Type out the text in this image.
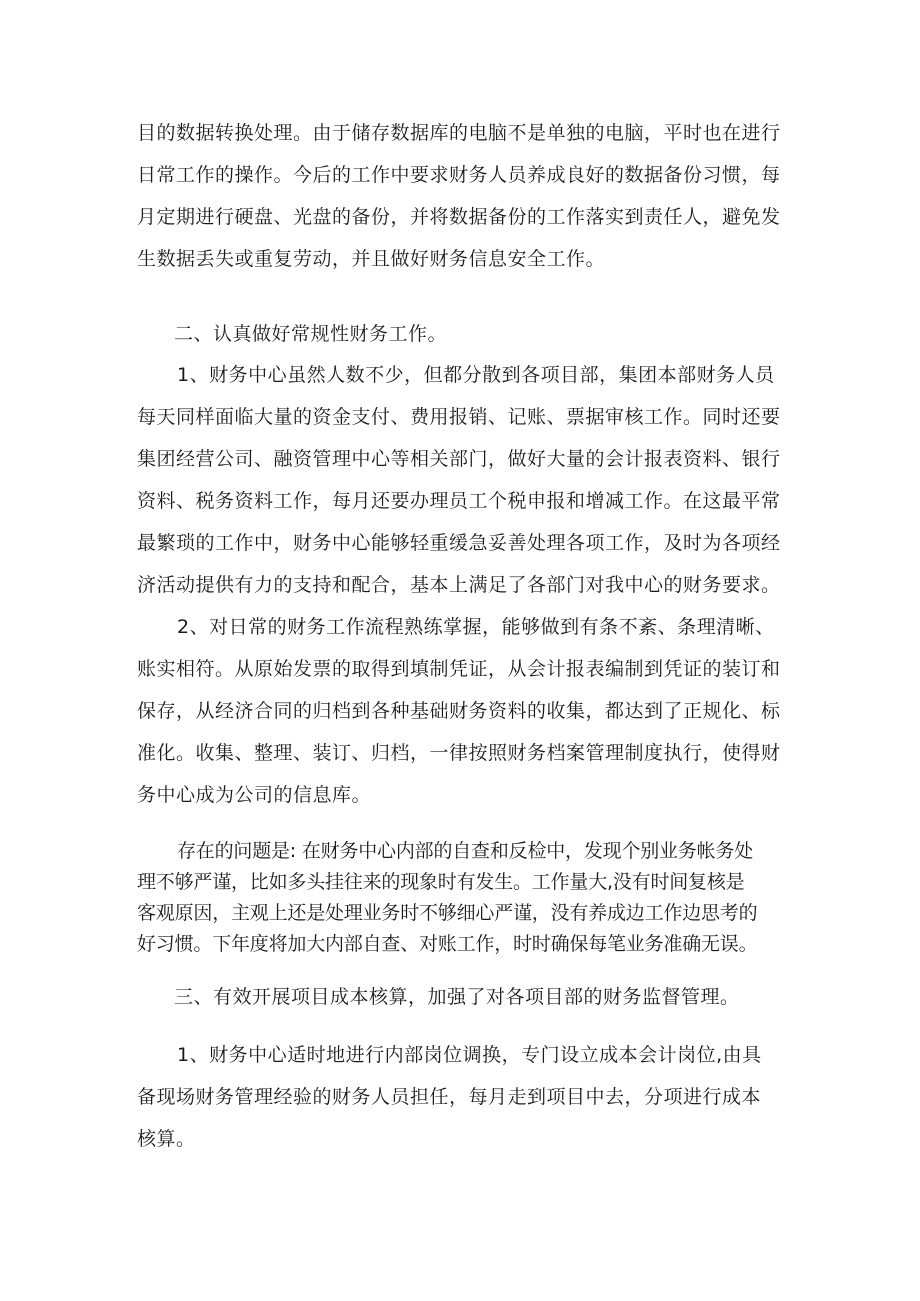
目的数据转换处理。由于储存数据库的电脑不是单独的电脑，平时也在进行
日常工作的操作。今后的工作中要求财务人员养成良好的数据备份习惯，每
月定期进行硬盘、光盘的备份，并将数据备份的工作落实到责任人，避免发
生数据丢失或重复劳动，并且做好财务信息安全工作。
二、认真做好常规性财务工作。
1、财务中心虽然人数不少，但都分散到各项目部，集团本部财务人员
每天同样面临大量的资金支付、费用报销、记账、票据审核工作。同时还要
集团经营公司、融资管理中心等相关部门，做好大量的会计报表资料、银行
资料、税务资料工作，每月还要办理员工个税申报和增减工作。在这最平常
最繁琐的工作中，财务中心能够轻重缓急妥善处理各项工作，及时为各项经
济活动提供有力的支持和配合，基本上满足了各部门对我中心的财务要求。
2、对日常的财务工作流程熟练掌握，能够做到有条不紊、条理清晰、
账实相符。从原始发票的取得到填制凭证，从会计报表编制到凭证的装订和
保存，从经济合同的归档到各种基础财务资料的收集，都达到了正规化、标
准化。收集、整理、装订、归档，一律按照财务档案管理制度执行，使得财
务中心成为公司的信息库。
存在的问题是: 在财务中心内部的自查和反检中，发现个别业务帐务处
理不够严谨，比如多头挂往来的现象时有发生。工作量大,没有时间复核是
客观原因，主观上还是处理业务时不够细心严谨，没有养成边工作边思考的
好习惯。下年度将加大内部自查、对账工作，时时确保每笔业务准确无误。
三、有效开展项目成本核算，加强了对各项目部的财务监督管理。
1、财务中心适时地进行内部岗位调换，专门设立成本会计岗位,由具
备现场财务管理经验的财务人员担任，每月走到项目中去，分项进行成本
核算。
